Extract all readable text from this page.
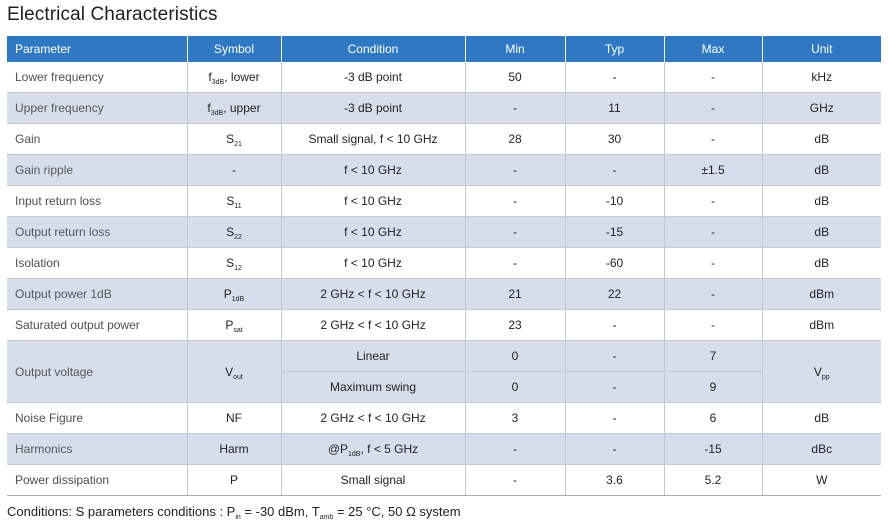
Electrical Characteristics
Parameter	Symbol	Condition	Min	Typ	Max	Unit
Lower frequency	$f_{3dB}$, lower	-3 dB point	50	-	-	kHz
Upper frequency	$f_{3dB}$, upper	-3 dB point	-	11	-	GHz
Gain	$S_{21}$	Small signal, f < 10 GHz	28	30	-	dB
Gain ripple	-	f < 10 GHz	-	-	±1.5	dB
Input return loss	$S_{11}$	f < 10 GHz	-	-10	-	dB
Output return loss	$S_{22}$	f < 10 GHz	-	-15	-	dB
Isolation	$S_{12}$	f < 10 GHz	-	-60	-	dB
Output power 1dB	$P_{1dB}$	2 GHz < f < 10 GHz	21	22	-	dBm
Saturated output power	$P_{sat}$	2 GHz < f < 10 GHz	23	-	-	dBm
Output voltage	$V_{out}$	Linear	0	-	7	$V_{pp}$
		Maximum swing	0	-	9	
Noise Figure	NF	2 GHz < f < 10 GHz	3	-	6	dB
Harmonics	Harm	$@P_{1dB}$, f < 5 GHz	-	-	-15	dBc
Power dissipation	P	Small signal	-	3.6	5.2	W
Conditions: S parameters conditions : $P_{in} = -30$ dBm, $T_{amb} = 25$ °C, 50 Ω system
